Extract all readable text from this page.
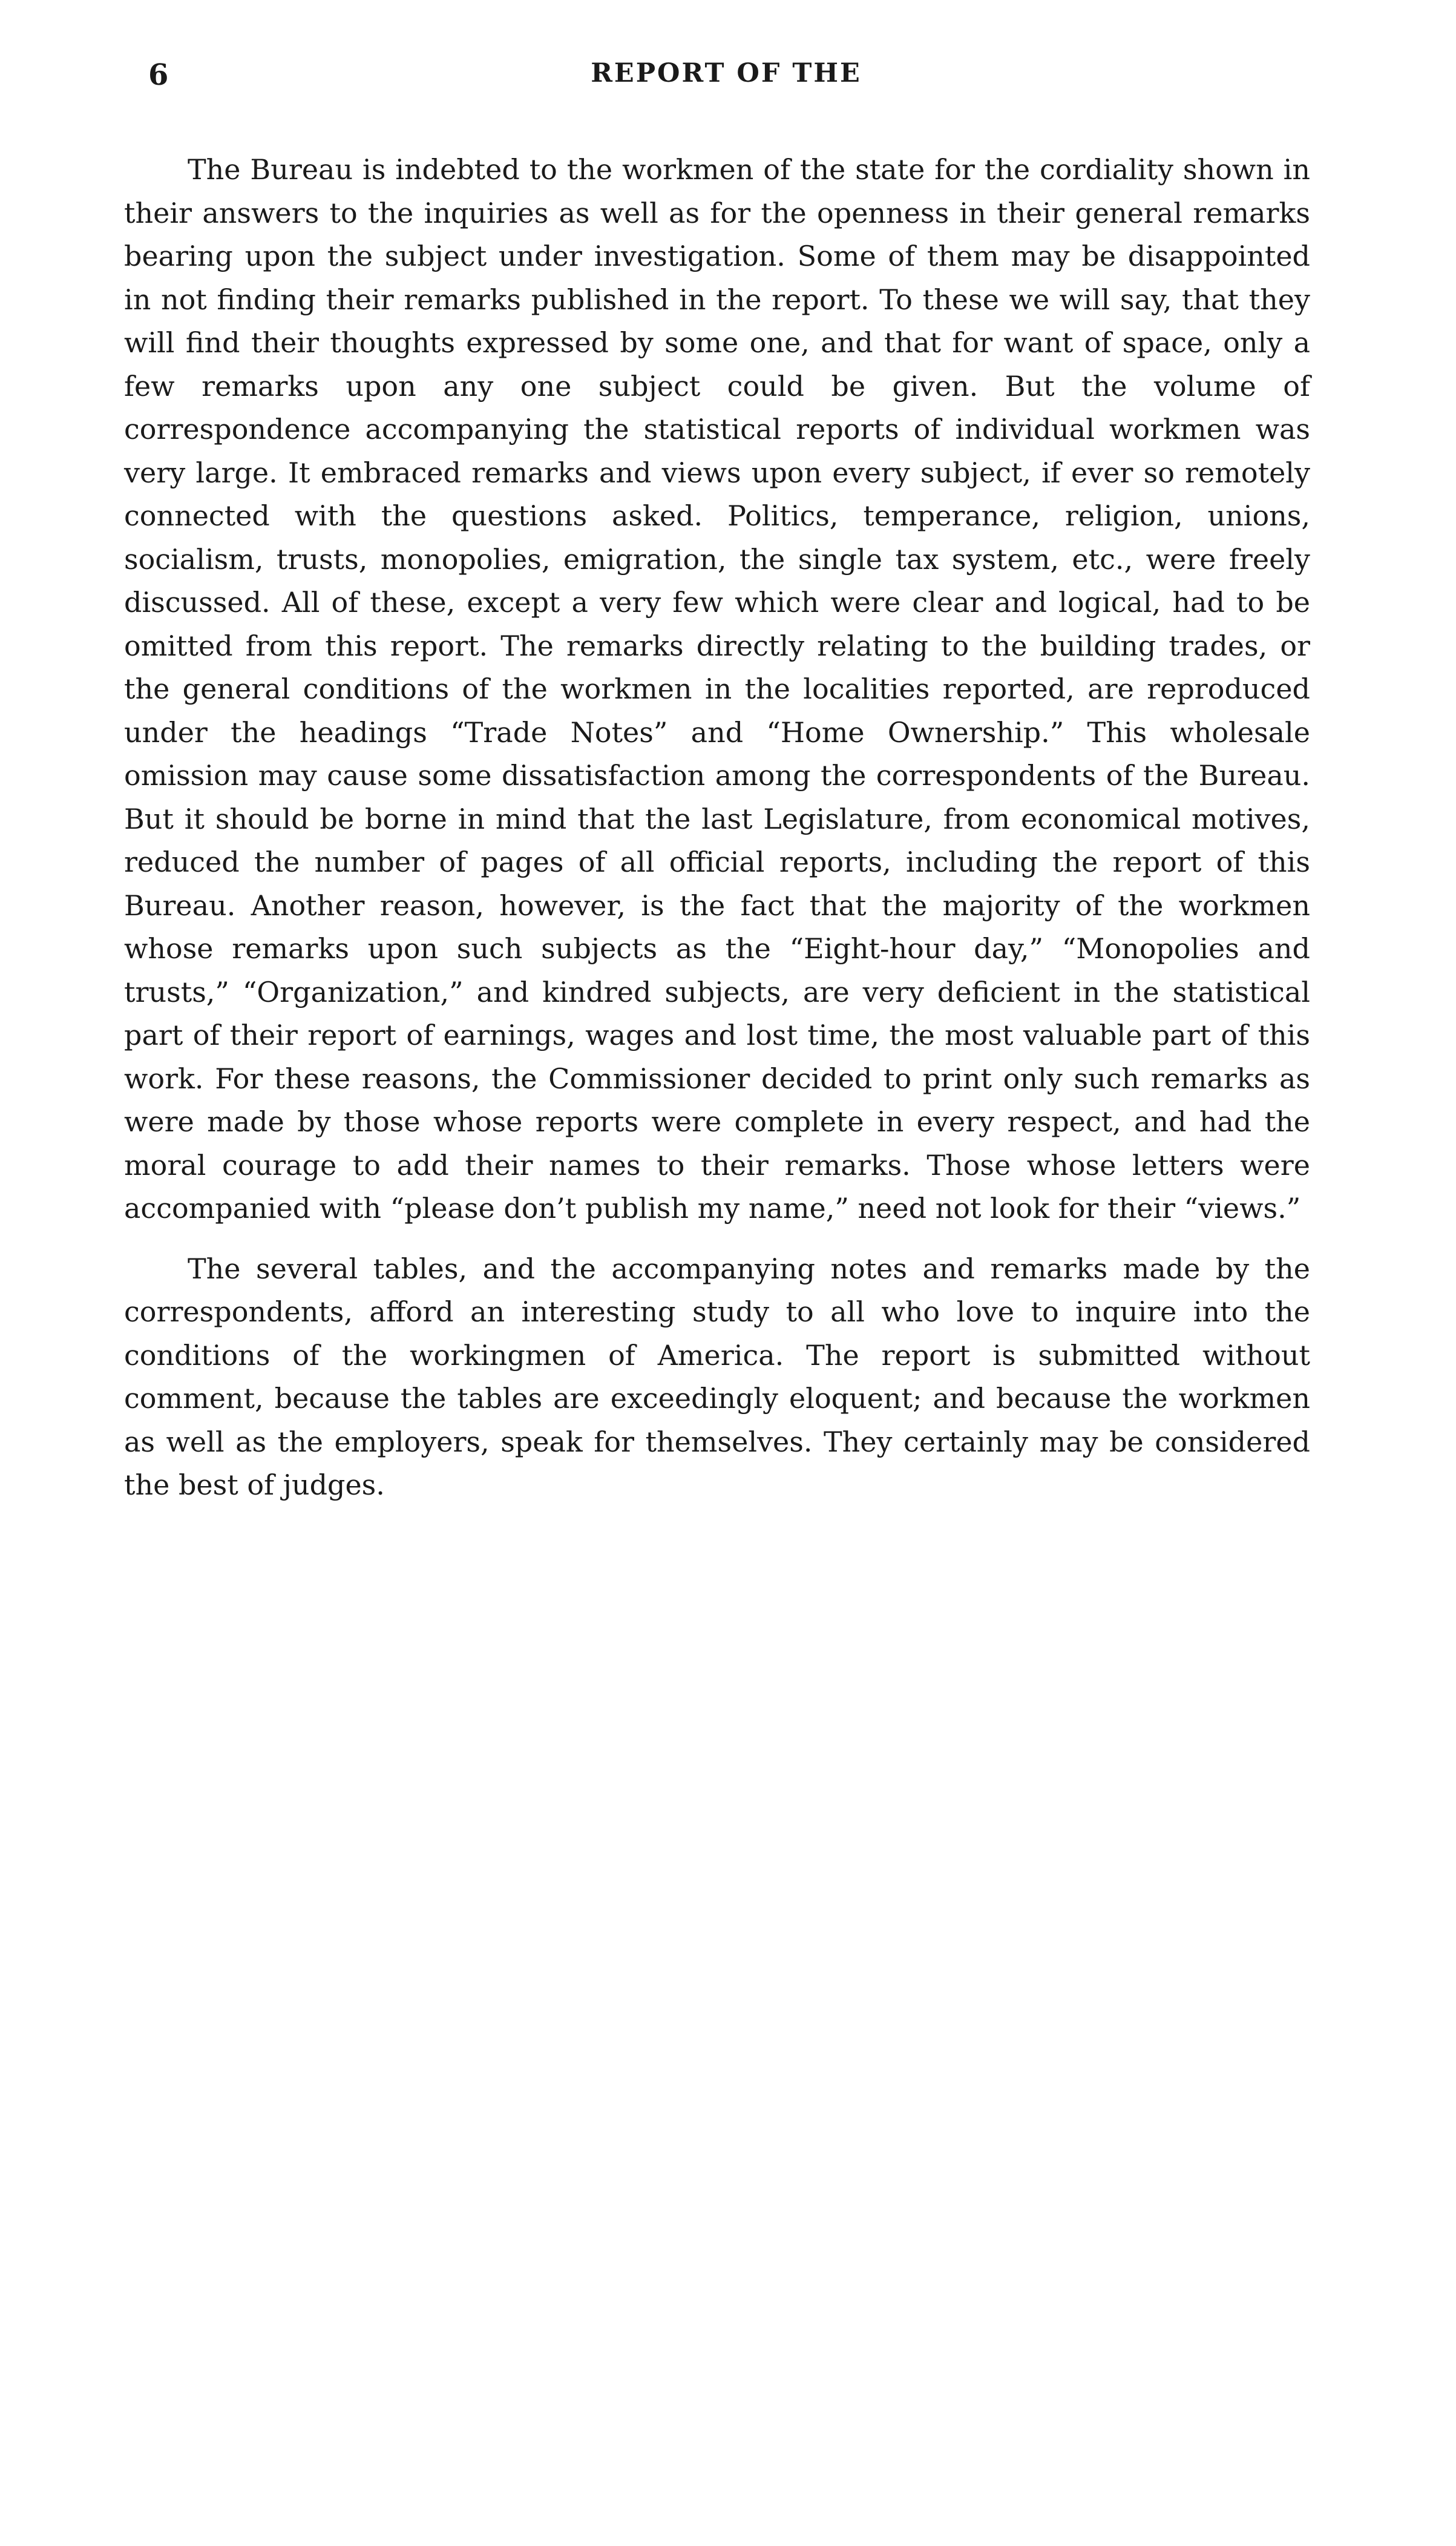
6	REPORT OF THE

The Bureau is indebted to the workmen of the state for the cordiality shown in their answers to the inquiries as well as for the openness in their general remarks bearing upon the subject under investigation. Some of them may be disappointed in not finding their remarks published in the report. To these we will say, that they will find their thoughts expressed by some one, and that for want of space, only a few remarks upon any one subject could be given. But the volume of correspondence accompanying the statistical reports of individual workmen was very large. It embraced remarks and views upon every subject, if ever so remotely connected with the questions asked. Politics, temperance, religion, unions, socialism, trusts, monopolies, emigration, the single tax system, etc., were freely discussed. All of these, except a very few which were clear and logical, had to be omitted from this report. The remarks directly relating to the building trades, or the general conditions of the workmen in the localities reported, are reproduced under the headings “Trade Notes” and “Home Ownership.” This wholesale omission may cause some dissatisfaction among the correspondents of the Bureau. But it should be borne in mind that the last Legislature, from economical motives, reduced the number of pages of all official reports, including the report of this Bureau. Another reason, however, is the fact that the majority of the workmen whose remarks upon such subjects as the “Eight-hour day,” “Monopolies and trusts,” “Organization,” and kindred subjects, are very deficient in the statistical part of their report of earnings, wages and lost time, the most valuable part of this work. For these reasons, the Commissioner decided to print only such remarks as were made by those whose reports were complete in every respect, and had the moral courage to add their names to their remarks. Those whose letters were accompanied with “please don’t publish my name,” need not look for their “views.”

The several tables, and the accompanying notes and remarks made by the correspondents, afford an interesting study to all who love to inquire into the conditions of the workingmen of America. The report is submitted without comment, because the tables are exceedingly eloquent; and because the workmen as well as the employers, speak for themselves. They certainly may be considered the best of judges.
